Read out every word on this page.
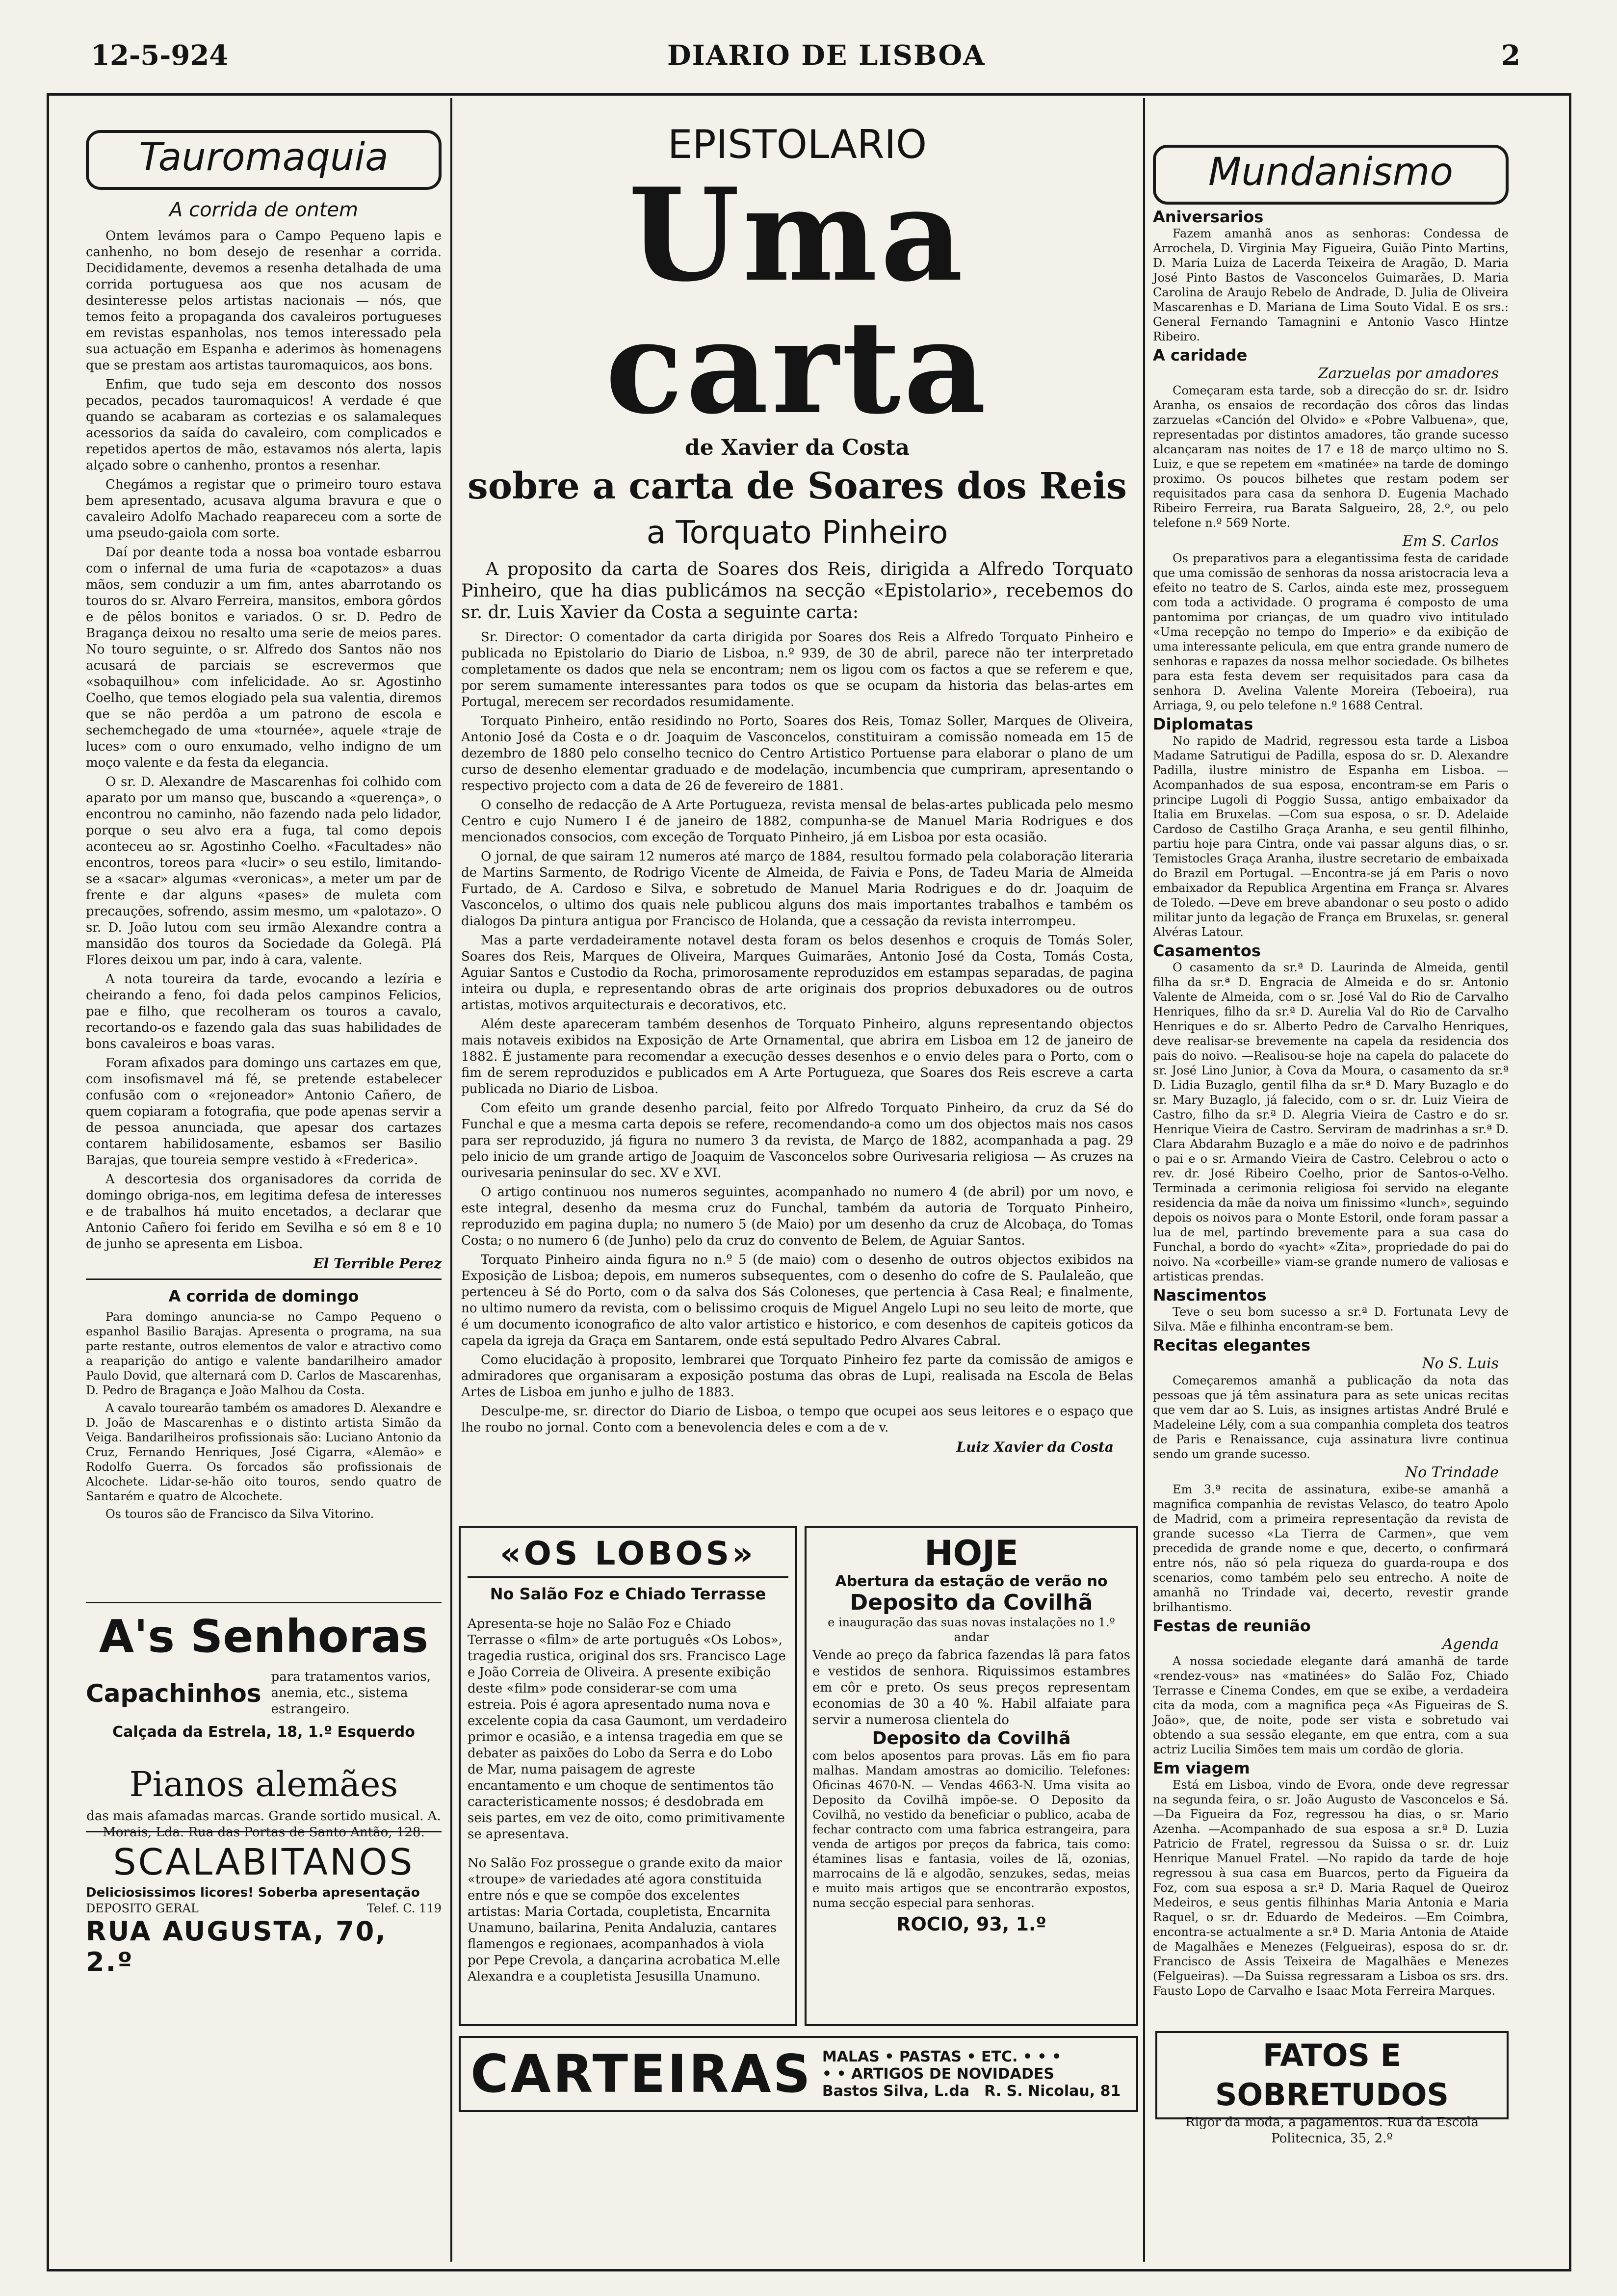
12-5-924	DIARIO DE LISBOA	2
Tauromaquia
A corrida de ontem

Ontem levámos para o Campo Pequeno lapis e canhenho, no bom desejo de resenhar a corrida. Decididamente, devemos a resenha detalhada de uma corrida portuguesa aos que nos acusam de desinteresse pelos artistas nacionais — nós, que temos feito a propaganda dos cavaleiros portugueses em revistas espanholas, nos temos interessado pela sua actuação em Espanha e aderimos às homenagens que se prestam aos artistas tauromaquicos, aos bons.

Enfim, que tudo seja em desconto dos nossos pecados, pecados tauromaquicos! A verdade é que quando se acabaram as cortezias e os salamaleques acessorios da saída do cavaleiro, com complicados e repetidos apertos de mão, estavamos nós alerta, lapis alçado sobre o canhenho, prontos a resenhar.

Chegámos a registar que o primeiro touro estava bem apresentado, acusava alguma bravura e que o cavaleiro Adolfo Machado reapareceu com a sorte de uma pseudo-gaiola com sorte.

Daí por deante toda a nossa boa vontade esbarrou com o infernal de uma furia de «capotazos» a duas mãos, sem conduzir a um fim, antes abarrotando os touros do sr. Alvaro Ferreira, mansitos, embora gôrdos e de pêlos bonitos e variados. O sr. D. Pedro de Bragança deixou no resalto uma serie de meios pares. No touro seguinte, o sr. Alfredo dos Santos não nos acusará de parciais se escrevermos que «sobaquilhou» com infelicidade. Ao sr. Agostinho Coelho, que temos elogiado pela sua valentia, diremos que se não perdôa a um patrono de escola e sechemchegado de uma «tournée», aquele «traje de luces» com o ouro enxumado, velho indigno de um moço valente e da festa da elegancia.

O sr. D. Alexandre de Mascarenhas foi colhido com aparato por um manso que, buscando a «querença», o encontrou no caminho, não fazendo nada pelo lidador, porque o seu alvo era a fuga, tal como depois aconteceu ao sr. Agostinho Coelho. «Facultades» não encontros, toreos para «lucir» o seu estilo, limitando-se a «sacar» algumas «veronicas», a meter um par de frente e dar alguns «pases» de muleta com precauções, sofrendo, assim mesmo, um «palotazo». O sr. D. João lutou com seu irmão Alexandre contra a mansidão dos touros da Sociedade da Golegã. Plá Flores deixou um par, indo à cara, valente.

A nota toureira da tarde, evocando a lezíria e cheirando a feno, foi dada pelos campinos Felicios, pae e filho, que recolheram os touros a cavalo, recortando-os e fazendo gala das suas habilidades de bons cavaleiros e boas varas.

Foram afixados para domingo uns cartazes em que, com insofismavel má fé, se pretende estabelecer confusão com o «rejoneador» Antonio Cañero, de quem copiaram a fotografia, que pode apenas servir a de pessoa anunciada, que apesar dos cartazes contarem habilidosamente, esbamos ser Basilio Barajas, que toureia sempre vestido à «Frederica».

A descortesia dos organisadores da corrida de domingo obriga-nos, em legitima defesa de interesses e de trabalhos há muito encetados, a declarar que Antonio Cañero foi ferido em Sevilha e só em 8 e 10 de junho se apresenta em Lisboa.

El Terrible Perez
A corrida de domingo

Para domingo anuncia-se no Campo Pequeno o espanhol Basilio Barajas. Apresenta o programa, na sua parte restante, outros elementos de valor e atractivo como a reaparição do antigo e valente bandarilheiro amador Paulo Dovid, que alternará com D. Carlos de Mascarenhas, D. Pedro de Bragança e João Malhou da Costa.

A cavalo tourearão também os amadores D. Alexandre e D. João de Mascarenhas e o distinto artista Simão da Veiga. Bandarilheiros profissionais são: Luciano Antonio da Cruz, Fernando Henriques, José Cigarra, «Alemão» e Rodolfo Guerra. Os forcados são profissionais de Alcochete. Lidar-se-hão oito touros, sendo quatro de Santarém e quatro de Alcochete.

Os touros são de Francisco da Silva Vitorino.

A's Senhoras
Capachinhos
para tratamentos varios, anemia, etc., sistema estrangeiro.
Calçada da Estrela, 18, 1.º Esquerdo
Pianos alemães
das mais afamadas marcas. Grande sortido musical. A. Morais, Lda. Rua das Portas de Santo Antão, 128.
SCALABITANOS
Deliciosissimos licores! Soberba apresentação
DEPOSITO GERAL	Telef. C. 119
RUA AUGUSTA, 70, 2.º
EPISTOLARIO
Uma carta
de Xavier da Costa
sobre a carta de Soares dos Reis
a Torquato Pinheiro
A proposito da carta de Soares dos Reis, dirigida a Alfredo Torquato Pinheiro, que ha dias publicámos na secção «Epistolario», recebemos do sr. dr. Luis Xavier da Costa a seguinte carta:

Sr. Director: O comentador da carta dirigida por Soares dos Reis a Alfredo Torquato Pinheiro e publicada no Epistolario do Diario de Lisboa, n.º 939, de 30 de abril, parece não ter interpretado completamente os dados que nela se encontram; nem os ligou com os factos a que se referem e que, por serem sumamente interessantes para todos os que se ocupam da historia das belas-artes em Portugal, merecem ser recordados resumidamente.

Torquato Pinheiro, então residindo no Porto, Soares dos Reis, Tomaz Soller, Marques de Oliveira, Antonio José da Costa e o dr. Joaquim de Vasconcelos, constituiram a comissão nomeada em 15 de dezembro de 1880 pelo conselho tecnico do Centro Artistico Portuense para elaborar o plano de um curso de desenho elementar graduado e de modelação, incumbencia que cumpriram, apresentando o respectivo projecto com a data de 26 de fevereiro de 1881.

O conselho de redacção de A Arte Portugueza, revista mensal de belas-artes publicada pelo mesmo Centro e cujo Numero I é de janeiro de 1882, compunha-se de Manuel Maria Rodrigues e dos mencionados consocios, com exceção de Torquato Pinheiro, já em Lisboa por esta ocasião.

O jornal, de que sairam 12 numeros até março de 1884, resultou formado pela colaboração literaria de Martins Sarmento, de Rodrigo Vicente de Almeida, de Faivia e Pons, de Tadeu Maria de Almeida Furtado, de A. Cardoso e Silva, e sobretudo de Manuel Maria Rodrigues e do dr. Joaquim de Vasconcelos, o ultimo dos quais nele publicou alguns dos mais importantes trabalhos e também os dialogos Da pintura antigua por Francisco de Holanda, que a cessação da revista interrompeu.

Mas a parte verdadeiramente notavel desta foram os belos desenhos e croquis de Tomás Soler, Soares dos Reis, Marques de Oliveira, Marques Guimarães, Antonio José da Costa, Tomás Costa, Aguiar Santos e Custodio da Rocha, primorosamente reproduzidos em estampas separadas, de pagina inteira ou dupla, e representando obras de arte originais dos proprios debuxadores ou de outros artistas, motivos arquitecturais e decorativos, etc.

Além deste apareceram também desenhos de Torquato Pinheiro, alguns representando objectos mais notaveis exibidos na Exposição de Arte Ornamental, que abrira em Lisboa em 12 de janeiro de 1882. É justamente para recomendar a execução desses desenhos e o envio deles para o Porto, com o fim de serem reproduzidos e publicados em A Arte Portugueza, que Soares dos Reis escreve a carta publicada no Diario de Lisboa.

Com efeito um grande desenho parcial, feito por Alfredo Torquato Pinheiro, da cruz da Sé do Funchal e que a mesma carta depois se refere, recomendando-a como um dos objectos mais nos casos para ser reproduzido, já figura no numero 3 da revista, de Março de 1882, acompanhada a pag. 29 pelo inicio de um grande artigo de Joaquim de Vasconcelos sobre Ourivesaria religiosa — As cruzes na ourivesaria peninsular do sec. XV e XVI.

O artigo continuou nos numeros seguintes, acompanhado no numero 4 (de abril) por um novo, e este integral, desenho da mesma cruz do Funchal, também da autoria de Torquato Pinheiro, reproduzido em pagina dupla; no numero 5 (de Maio) por um desenho da cruz de Alcobaça, do Tomas Costa; o no numero 6 (de Junho) pelo da cruz do convento de Belem, de Aguiar Santos.

Torquato Pinheiro ainda figura no n.º 5 (de maio) com o desenho de outros objectos exibidos na Exposição de Lisboa; depois, em numeros subsequentes, com o desenho do cofre de S. Paulaleão, que pertenceu à Sé do Porto, com o da salva dos Sás Coloneses, que pertencia à Casa Real; e finalmente, no ultimo numero da revista, com o belissimo croquis de Miguel Angelo Lupi no seu leito de morte, que é um documento iconografico de alto valor artistico e historico, e com desenhos de capiteis goticos da capela da igreja da Graça em Santarem, onde está sepultado Pedro Alvares Cabral.

Como elucidação à proposito, lembrarei que Torquato Pinheiro fez parte da comissão de amigos e admiradores que organisaram a exposição postuma das obras de Lupi, realisada na Escola de Belas Artes de Lisboa em junho e julho de 1883.

Desculpe-me, sr. director do Diario de Lisboa, o tempo que ocupei aos seus leitores e o espaço que lhe roubo no jornal. Conto com a benevolencia deles e com a de v.

Luiz Xavier da Costa
«OS LOBOS»
No Salão Foz e Chiado Terrasse

Apresenta-se hoje no Salão Foz e Chiado Terrasse o «film» de arte português «Os Lobos», tragedia rustica, original dos srs. Francisco Lage e João Correia de Oliveira. A presente exibição deste «film» pode considerar-se com uma estreia. Pois é agora apresentado numa nova e excelente copia da casa Gaumont, um verdadeiro primor e ocasião, e a intensa tragedia em que se debater as paixões do Lobo da Serra e do Lobo de Mar, numa paisagem de agreste encantamento e um choque de sentimentos tão caracteristicamente nossos; é desdobrada em seis partes, em vez de oito, como primitivamente se apresentava.

No Salão Foz prossegue o grande exito da maior «troupe» de variedades até agora constituida entre nós e que se compõe dos excelentes artistas: Maria Cortada, coupletista, Encarnita Unamuno, bailarina, Penita Andaluzia, cantares flamengos e regionaes, acompanhados à viola por Pepe Crevola, a dançarina acrobatica M.elle Alexandra e a coupletista Jesusilla Unamuno.

HOJE
Abertura da estação de verão no
Deposito da Covilhã
e inauguração das suas novas instalações no 1.º andar
Vende ao preço da fabrica fazendas lã para fatos e vestidos de senhora. Riquissimos estambres em côr e preto. Os seus preços representam economias de 30 a 40 %. Habil alfaiate para servir a numerosa clientela do
Deposito da Covilhã
com belos aposentos para provas. Lãs em fio para malhas. Mandam amostras ao domicilio. Telefones: Oficinas 4670-N. — Vendas 4663-N. Uma visita ao Deposito da Covilhã impõe-se. O Deposito da Covilhã, no vestido da beneficiar o publico, acaba de fechar contracto com uma fabrica estrangeira, para venda de artigos por preços da fabrica, tais como: étamines lisas e fantasia, voiles de lã, ozonias, marrocains de lã e algodão, senzukes, sedas, meias e muito mais artigos que se encontrarão expostos, numa secção especial para senhoras.
ROCIO, 93, 1.º
CARTEIRAS MALAS • PASTAS • ETC. • • •
• • ARTIGOS DE NOVIDADES
Bastos Silva, L.da R. S. Nicolau, 81
Mundanismo
Aniversarios

Fazem amanhã anos as senhoras: Condessa de Arrochela, D. Virginia May Figueira, Guião Pinto Martins, D. Maria Luiza de Lacerda Teixeira de Aragão, D. Maria José Pinto Bastos de Vasconcelos Guimarães, D. Maria Carolina de Araujo Rebelo de Andrade, D. Julia de Oliveira Mascarenhas e D. Mariana de Lima Souto Vidal. E os srs.: General Fernando Tamagnini e Antonio Vasco Hintze Ribeiro.

A caridade
Zarzuelas por amadores

Começaram esta tarde, sob a direcção do sr. dr. Isidro Aranha, os ensaios de recordação dos côros das lindas zarzuelas «Canción del Olvido» e «Pobre Valbuena», que, representadas por distintos amadores, tão grande sucesso alcançaram nas noites de 17 e 18 de março ultimo no S. Luiz, e que se repetem em «matinée» na tarde de domingo proximo. Os poucos bilhetes que restam podem ser requisitados para casa da senhora D. Eugenia Machado Ribeiro Ferreira, rua Barata Salgueiro, 28, 2.º, ou pelo telefone n.º 569 Norte.

Em S. Carlos

Os preparativos para a elegantissima festa de caridade que uma comissão de senhoras da nossa aristocracia leva a efeito no teatro de S. Carlos, ainda este mez, prosseguem com toda a actividade. O programa é composto de uma pantomima por crianças, de um quadro vivo intitulado «Uma recepção no tempo do Imperio» e da exibição de uma interessante pelicula, em que entra grande numero de senhoras e rapazes da nossa melhor sociedade. Os bilhetes para esta festa devem ser requisitados para casa da senhora D. Avelina Valente Moreira (Teboeira), rua Arriaga, 9, ou pelo telefone n.º 1688 Central.

Diplomatas

No rapido de Madrid, regressou esta tarde a Lisboa Madame Satrutigui de Padilla, esposa do sr. D. Alexandre Padilla, ilustre ministro de Espanha em Lisboa. —Acompanhados de sua esposa, encontram-se em Paris o principe Lugoli di Poggio Sussa, antigo embaixador da Italia em Bruxelas. —Com sua esposa, o sr. D. Adelaide Cardoso de Castilho Graça Aranha, e seu gentil filhinho, partiu hoje para Cintra, onde vai passar alguns dias, o sr. Temistocles Graça Aranha, ilustre secretario de embaixada do Brazil em Portugal. —Encontra-se já em Paris o novo embaixador da Republica Argentina em França sr. Alvares de Toledo. —Deve em breve abandonar o seu posto o adido militar junto da legação de França em Bruxelas, sr. general Alvéras Latour.

Casamentos

O casamento da sr.ª D. Laurinda de Almeida, gentil filha da sr.ª D. Engracia de Almeida e do sr. Antonio Valente de Almeida, com o sr. José Val do Rio de Carvalho Henriques, filho da sr.ª D. Aurelia Val do Rio de Carvalho Henriques e do sr. Alberto Pedro de Carvalho Henriques, deve realisar-se brevemente na capela da residencia dos pais do noivo. —Realisou-se hoje na capela do palacete do sr. José Lino Junior, à Cova da Moura, o casamento da sr.ª D. Lidia Buzaglo, gentil filha da sr.ª D. Mary Buzaglo e do sr. Mary Buzaglo, já falecido, com o sr. dr. Luiz Vieira de Castro, filho da sr.ª D. Alegria Vieira de Castro e do sr. Henrique Vieira de Castro. Serviram de madrinhas a sr.ª D. Clara Abdarahm Buzaglo e a mãe do noivo e de padrinhos o pai e o sr. Armando Vieira de Castro. Celebrou o acto o rev. dr. José Ribeiro Coelho, prior de Santos-o-Velho. Terminada a cerimonia religiosa foi servido na elegante residencia da mãe da noiva um finissimo «lunch», seguindo depois os noivos para o Monte Estoril, onde foram passar a lua de mel, partindo brevemente para a sua casa do Funchal, a bordo do «yacht» «Zita», propriedade do pai do noivo. Na «corbeille» viam-se grande numero de valiosas e artisticas prendas.

Nascimentos

Teve o seu bom sucesso a sr.ª D. Fortunata Levy de Silva. Mãe e filhinha encontram-se bem.

Recitas elegantes
No S. Luis

Começaremos amanhã a publicação da nota das pessoas que já têm assinatura para as sete unicas recitas que vem dar ao S. Luis, as insignes artistas André Brulé e Madeleine Lély, com a sua companhia completa dos teatros de Paris e Renaissance, cuja assinatura livre continua sendo um grande sucesso.

No Trindade

Em 3.ª recita de assinatura, exibe-se amanhã a magnifica companhia de revistas Velasco, do teatro Apolo de Madrid, com a primeira representação da revista de grande sucesso «La Tierra de Carmen», que vem precedida de grande nome e que, decerto, o confirmará entre nós, não só pela riqueza do guarda-roupa e dos scenarios, como também pelo seu entrecho. A noite de amanhã no Trindade vai, decerto, revestir grande brilhantismo.

Festas de reunião
Agenda

A nossa sociedade elegante dará amanhã de tarde «rendez-vous» nas «matinées» do Salão Foz, Chiado Terrasse e Cinema Condes, em que se exibe, a verdadeira cita da moda, com a magnifica peça «As Figueiras de S. João», que, de noite, pode ser vista e sobretudo vai obtendo a sua sessão elegante, em que entra, com a sua actriz Lucilia Simões tem mais um cordão de gloria.

Em viagem

Está em Lisboa, vindo de Evora, onde deve regressar na segunda feira, o sr. João Augusto de Vasconcelos e Sá. —Da Figueira da Foz, regressou ha dias, o sr. Mario Azenha. —Acompanhado de sua esposa a sr.ª D. Luzia Patricio de Fratel, regressou da Suissa o sr. dr. Luiz Henrique Manuel Fratel. —No rapido da tarde de hoje regressou à sua casa em Buarcos, perto da Figueira da Foz, com sua esposa a sr.ª D. Maria Raquel de Queiroz Medeiros, e seus gentis filhinhas Maria Antonia e Maria Raquel, o sr. dr. Eduardo de Medeiros. —Em Coimbra, encontra-se actualmente a sr.ª D. Maria Antonia de Ataide de Magalhães e Menezes (Felgueiras), esposa do sr. dr. Francisco de Assis Teixeira de Magalhães e Menezes (Felgueiras). —Da Suissa regressaram a Lisboa os srs. drs. Fausto Lopo de Carvalho e Isaac Mota Ferreira Marques.

FATOS E SOBRETUDOS
Rigor da moda, a pagamentos. Rua da Escola Politecnica, 35, 2.º
